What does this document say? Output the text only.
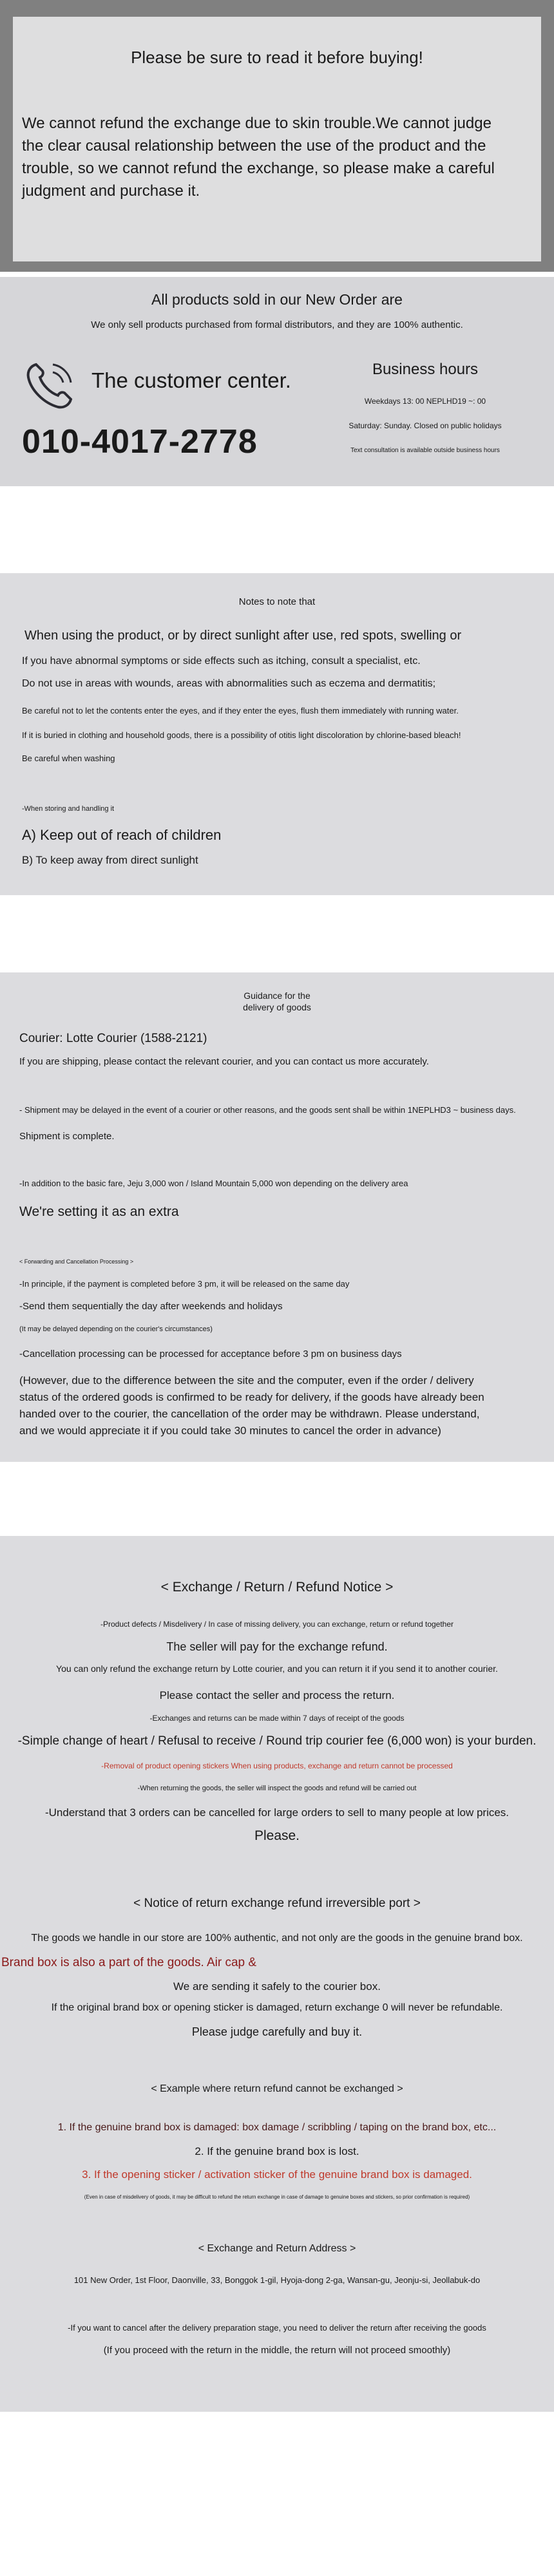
Please be sure to read it before buying!
We cannot refund the exchange due to skin trouble.We cannot judge
the clear causal relationship between the use of the product and the
trouble, so we cannot refund the exchange, so please make a careful
judgment and purchase it.
All products sold in our New Order are
We only sell products purchased from formal distributors, and they are 100% authentic.
The customer center.
010-4017-2778
Business hours
Weekdays 13: 00 NEPLHD19 ~: 00
Saturday: Sunday. Closed on public holidays
Text consultation is available outside business hours
Notes to note that
When using the product, or by direct sunlight after use, red spots, swelling or
If you have abnormal symptoms or side effects such as itching, consult a specialist, etc.
Do not use in areas with wounds, areas with abnormalities such as eczema and dermatitis;
Be careful not to let the contents enter the eyes, and if they enter the eyes, flush them immediately with running water.
If it is buried in clothing and household goods, there is a possibility of otitis light discoloration by chlorine-based bleach!
Be careful when washing
-When storing and handling it
A) Keep out of reach of children
B) To keep away from direct sunlight
Guidance for the
delivery of goods
Courier: Lotte Courier (1588-2121)
If you are shipping, please contact the relevant courier, and you can contact us more accurately.
- Shipment may be delayed in the event of a courier or other reasons, and the goods sent shall be within 1NEPLHD3 ~ business days.
Shipment is complete.
-In addition to the basic fare, Jeju 3,000 won / Island Mountain 5,000 won depending on the delivery area
We're setting it as an extra
< Forwarding and Cancellation Processing >
-In principle, if the payment is completed before 3 pm, it will be released on the same day
-Send them sequentially the day after weekends and holidays
(It may be delayed depending on the courier's circumstances)
-Cancellation processing can be processed for acceptance before 3 pm on business days
(However, due to the difference between the site and the computer, even if the order / delivery
status of the ordered goods is confirmed to be ready for delivery, if the goods have already been
handed over to the courier, the cancellation of the order may be withdrawn. Please understand,
and we would appreciate it if you could take 30 minutes to cancel the order in advance)
< Exchange / Return / Refund Notice >
-Product defects / Misdelivery / In case of missing delivery, you can exchange, return or refund together
The seller will pay for the exchange refund.
You can only refund the exchange return by Lotte courier, and you can return it if you send it to another courier.
Please contact the seller and process the return.
-Exchanges and returns can be made within 7 days of receipt of the goods
-Simple change of heart / Refusal to receive / Round trip courier fee (6,000 won) is your burden.
-Removal of product opening stickers When using products, exchange and return cannot be processed
-When returning the goods, the seller will inspect the goods and refund will be carried out
-Understand that 3 orders can be cancelled for large orders to sell to many people at low prices.
Please.
< Notice of return exchange refund irreversible port >
The goods we handle in our store are 100% authentic, and not only are the goods in the genuine brand box.
Brand box is also a part of the goods. Air cap &
We are sending it safely to the courier box.
If the original brand box or opening sticker is damaged, return exchange 0 will never be refundable.
Please judge carefully and buy it.
< Example where return refund cannot be exchanged >
1. If the genuine brand box is damaged: box damage / scribbling / taping on the brand box, etc...
2. If the genuine brand box is lost.
3. If the opening sticker / activation sticker of the genuine brand box is damaged.
(Even in case of misdelivery of goods, it may be difficult to refund the return exchange in case of damage to genuine boxes and stickers, so prior confirmation is required)
< Exchange and Return Address >
101 New Order, 1st Floor, Daonville, 33, Bonggok 1-gil, Hyoja-dong 2-ga, Wansan-gu, Jeonju-si, Jeollabuk-do
-If you want to cancel after the delivery preparation stage, you need to deliver the return after receiving the goods
(If you proceed with the return in the middle, the return will not proceed smoothly)
